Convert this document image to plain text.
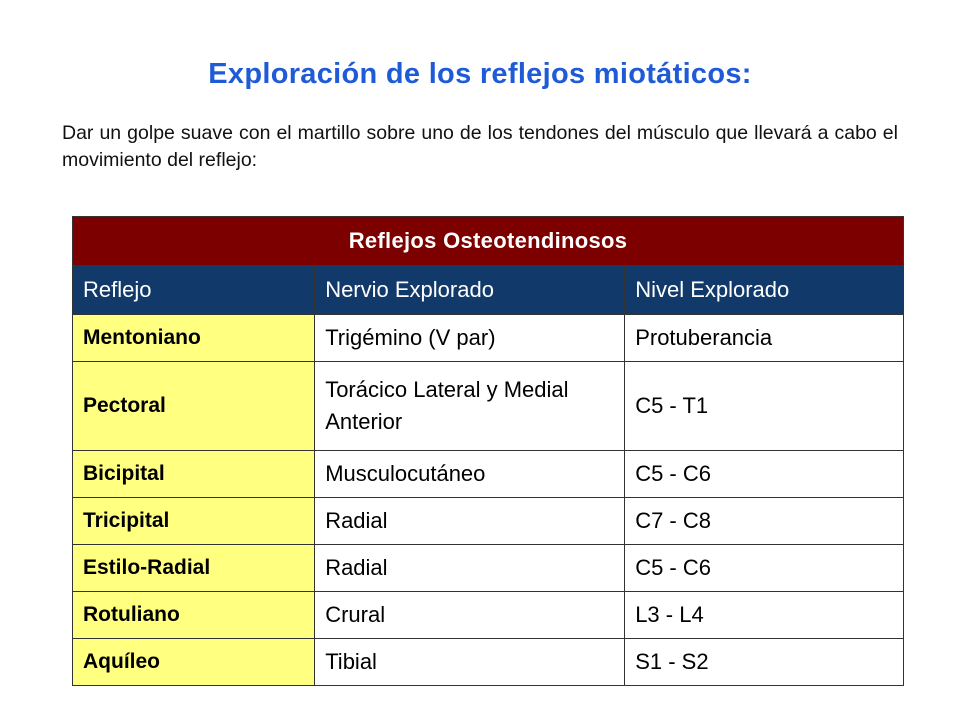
Exploración de los reflejos miotáticos:
Dar un golpe suave con el martillo sobre uno de los tendones del músculo que llevará a cabo el movimiento del reflejo:
Reflejos Osteotendinosos		
Reflejo	Nervio Explorado	Nivel Explorado
Mentoniano	Trigémino (V par)	Protuberancia
Pectoral	Torácico Lateral y Medial Anterior	C5 - T1
Bicipital	Musculocutáneo	C5 - C6
Tricipital	Radial	C7 - C8
Estilo-Radial	Radial	C5 - C6
Rotuliano	Crural	L3 - L4
Aquíleo	Tibial	S1 - S2
